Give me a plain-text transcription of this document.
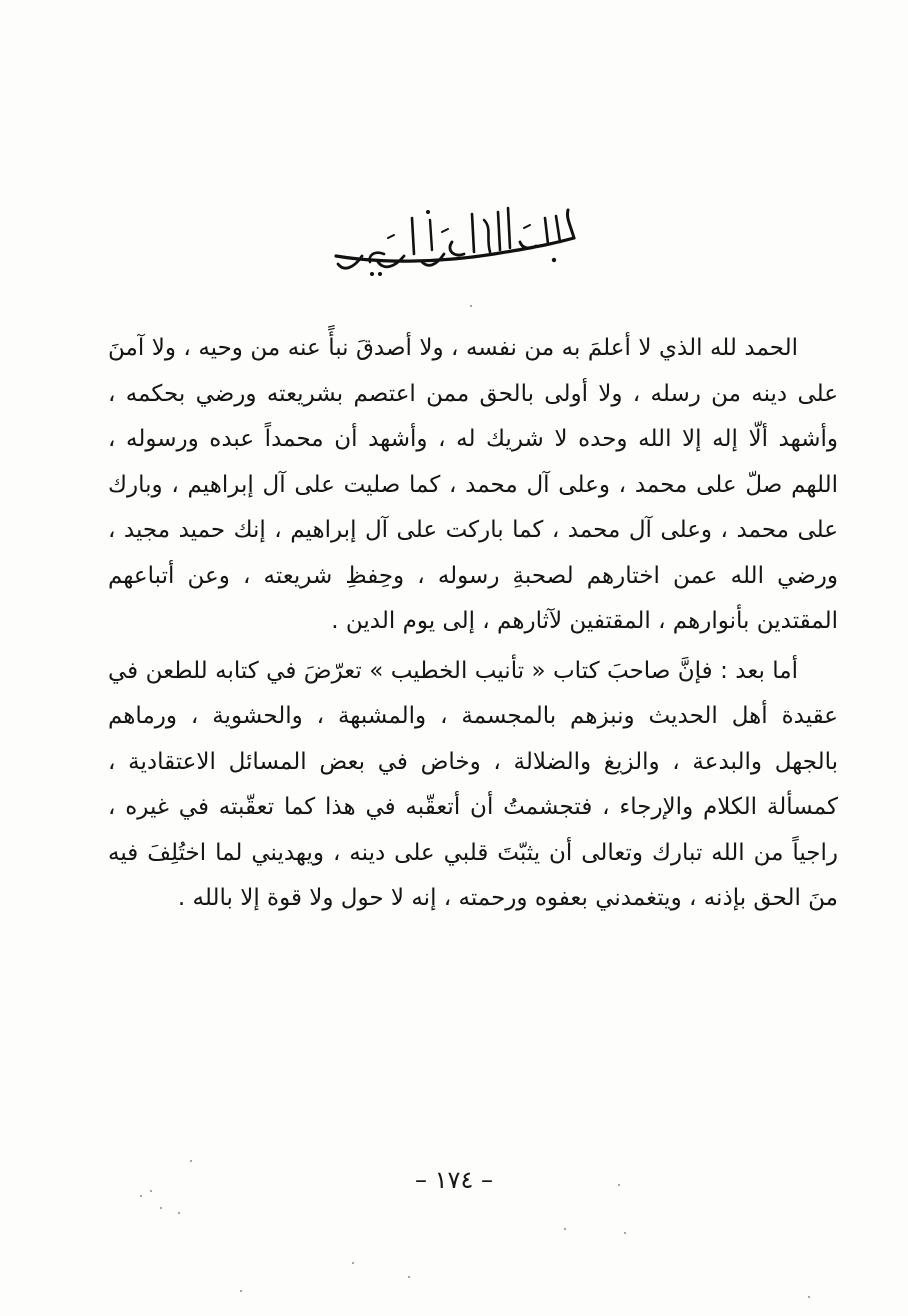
الحمد لله الذي لا أعلمَ به من نفسه ، ولا أصدقَ نبأً عنه من وحيه ، ولا آمنَ على دينه من رسله ، ولا أولى بالحق ممن اعتصم بشريعته ورضي بحكمه ، وأشهد ألّا إله إلا الله وحده لا شريك له ، وأشهد أن محمداً عبده ورسوله ، اللهم صلّ على محمد ، وعلى آل محمد ، كما صليت على آل إبراهيم ، وبارك على محمد ، وعلى آل محمد ، كما باركت على آل إبراهيم ، إنك حميد مجيد ، ورضي الله عمن اختارهم لصحبةِ رسوله ، وحِفظِ شريعته ، وعن أتباعهم المقتدين بأنوارهم ، المقتفين لآثارهم ، إلى يوم الدين .

أما بعد : فإنَّ صاحبَ كتاب « تأنيب الخطيب » تعرّضَ في كتابه للطعن في عقيدة أهل الحديث ونبزهم بالمجسمة ، والمشبهة ، والحشوية ، ورماهم بالجهل والبدعة ، والزيغ والضلالة ، وخاض في بعض المسائل الاعتقادية ، كمسألة الكلام والإرجاء ، فتجشمتُ أن أتعقّبه في هذا كما تعقّبته في غيره ، راجياً من الله تبارك وتعالى أن يثبّتَ قلبي على دينه ، ويهديني لما اختُلِفَ فيه منَ الحق بإذنه ، ويتغمدني بعفوه ورحمته ، إنه لا حول ولا قوة إلا بالله .

– ١٧٤ –
